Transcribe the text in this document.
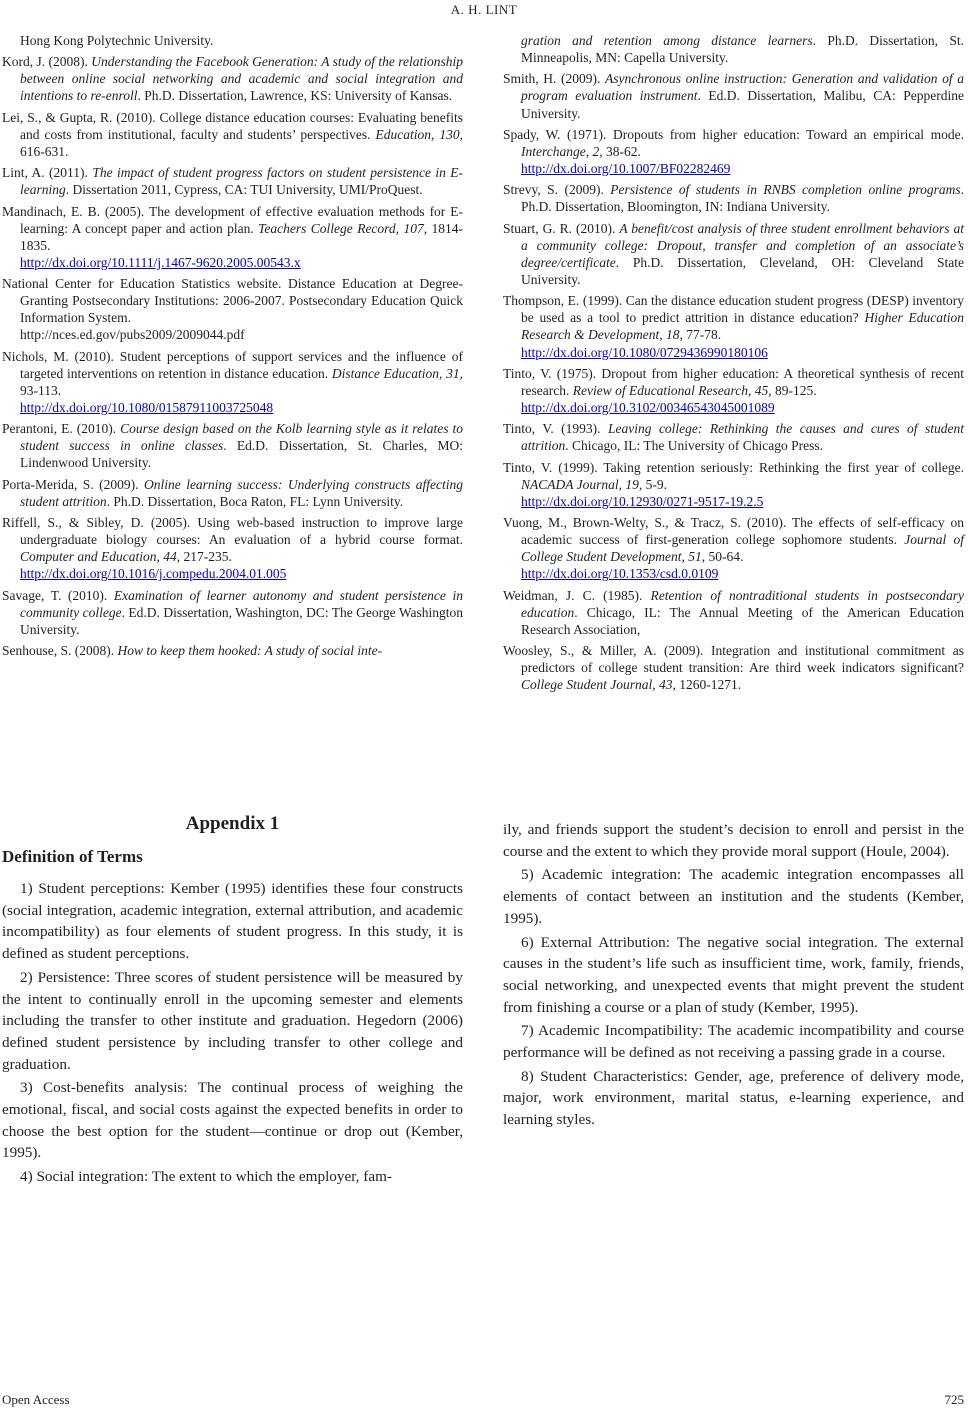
A. H. LINT

Hong Kong Polytechnic University.

Kord, J. (2008). Understanding the Facebook Generation: A study of the relationship between online social networking and academic and social integration and intentions to re-enroll. Ph.D. Dissertation, Lawrence, KS: University of Kansas.

Lei, S., & Gupta, R. (2010). College distance education courses: Evaluating benefits and costs from institutional, faculty and students’ perspectives. Education, 130, 616-631.

Lint, A. (2011). The impact of student progress factors on student persistence in E-learning. Dissertation 2011, Cypress, CA: TUI University, UMI/ProQuest.

Mandinach, E. B. (2005). The development of effective evaluation methods for E-learning: A concept paper and action plan. Teachers College Record, 107, 1814-1835.
http://dx.doi.org/10.1111/j.1467-9620.2005.00543.x

National Center for Education Statistics website. Distance Education at Degree-Granting Postsecondary Institutions: 2006-2007. Postsecondary Education Quick Information System.
http://nces.ed.gov/pubs2009/2009044.pdf

Nichols, M. (2010). Student perceptions of support services and the influence of targeted interventions on retention in distance education. Distance Education, 31, 93-113.
http://dx.doi.org/10.1080/01587911003725048

Perantoni, E. (2010). Course design based on the Kolb learning style as it relates to student success in online classes. Ed.D. Dissertation, St. Charles, MO: Lindenwood University.

Porta-Merida, S. (2009). Online learning success: Underlying constructs affecting student attrition. Ph.D. Dissertation, Boca Raton, FL: Lynn University.

Riffell, S., & Sibley, D. (2005). Using web-based instruction to improve large undergraduate biology courses: An evaluation of a hybrid course format. Computer and Education, 44, 217-235.
http://dx.doi.org/10.1016/j.compedu.2004.01.005

Savage, T. (2010). Examination of learner autonomy and student persistence in community college. Ed.D. Dissertation, Washington, DC: The George Washington University.

Senhouse, S. (2008). How to keep them hooked: A study of social inte-

gration and retention among distance learners. Ph.D. Dissertation, St. Minneapolis, MN: Capella University.

Smith, H. (2009). Asynchronous online instruction: Generation and validation of a program evaluation instrument. Ed.D. Dissertation, Malibu, CA: Pepperdine University.

Spady, W. (1971). Dropouts from higher education: Toward an empirical mode. Interchange, 2, 38-62.
http://dx.doi.org/10.1007/BF02282469

Strevy, S. (2009). Persistence of students in RNBS completion online programs. Ph.D. Dissertation, Bloomington, IN: Indiana University.

Stuart, G. R. (2010). A benefit/cost analysis of three student enrollment behaviors at a community college: Dropout, transfer and completion of an associate’s degree/certificate. Ph.D. Dissertation, Cleveland, OH: Cleveland State University.

Thompson, E. (1999). Can the distance education student progress (DESP) inventory be used as a tool to predict attrition in distance education? Higher Education Research & Development, 18, 77-78.
http://dx.doi.org/10.1080/0729436990180106

Tinto, V. (1975). Dropout from higher education: A theoretical synthesis of recent research. Review of Educational Research, 45, 89-125.
http://dx.doi.org/10.3102/00346543045001089

Tinto, V. (1993). Leaving college: Rethinking the causes and cures of student attrition. Chicago, IL: The University of Chicago Press.

Tinto, V. (1999). Taking retention seriously: Rethinking the first year of college. NACADA Journal, 19, 5-9.
http://dx.doi.org/10.12930/0271-9517-19.2.5

Vuong, M., Brown-Welty, S., & Tracz, S. (2010). The effects of self-efficacy on academic success of first-generation college sophomore students. Journal of College Student Development, 51, 50-64.
http://dx.doi.org/10.1353/csd.0.0109

Weidman, J. C. (1985). Retention of nontraditional students in postsecondary education. Chicago, IL: The Annual Meeting of the American Education Research Association,

Woosley, S., & Miller, A. (2009). Integration and institutional commitment as predictors of college student transition: Are third week indicators significant? College Student Journal, 43, 1260-1271.

Appendix 1
Definition of Terms

1) Student perceptions: Kember (1995) identifies these four constructs (social integration, academic integration, external attribution, and academic incompatibility) as four elements of student progress. In this study, it is defined as student perceptions.

2) Persistence: Three scores of student persistence will be measured by the intent to continually enroll in the upcoming semester and elements including the transfer to other institute and graduation. Hegedorn (2006) defined student persistence by including transfer to other college and graduation.

3) Cost-benefits analysis: The continual process of weighing the emotional, fiscal, and social costs against the expected benefits in order to choose the best option for the student—continue or drop out (Kember, 1995).

4) Social integration: The extent to which the employer, fam-

ily, and friends support the student’s decision to enroll and persist in the course and the extent to which they provide moral support (Houle, 2004).

5) Academic integration: The academic integration encompasses all elements of contact between an institution and the students (Kember, 1995).

6) External Attribution: The negative social integration. The external causes in the student’s life such as insufficient time, work, family, friends, social networking, and unexpected events that might prevent the student from finishing a course or a plan of study (Kember, 1995).

7) Academic Incompatibility: The academic incompatibility and course performance will be defined as not receiving a passing grade in a course.

8) Student Characteristics: Gender, age, preference of delivery mode, major, work environment, marital status, e-learning experience, and learning styles.

Open Access	725
